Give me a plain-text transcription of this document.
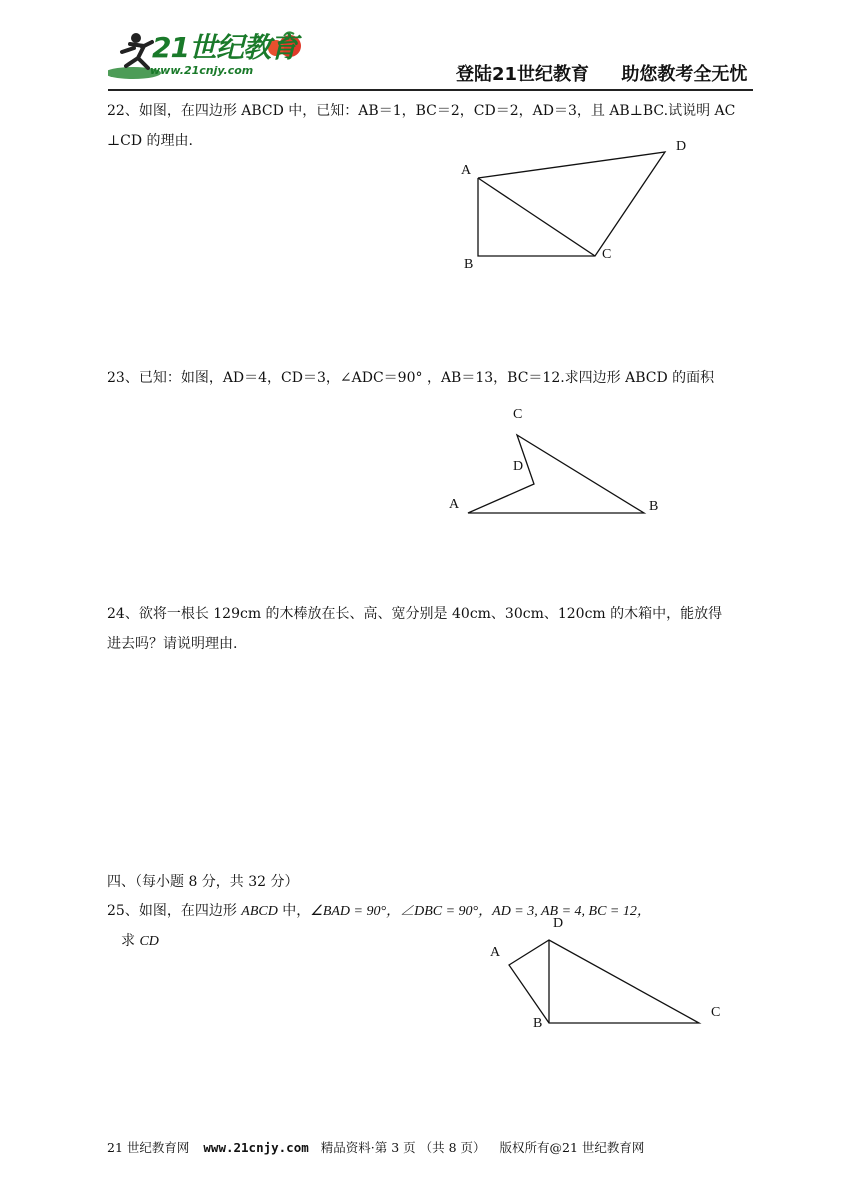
21世纪教育
www.21cnjy.com	登陆21世纪教育 助您教考全无忧
22、如图，在四边形 ABCD 中，已知：AB＝1，BC＝2，CD＝2，AD＝3，且 AB⊥BC.试说明 AC
⊥CD 的理由.
A
B
C
D
23、已知：如图，AD＝4，CD＝3，∠ADC＝90° ，AB＝13，BC＝12.求四边形 ABCD 的面积
C
D
A	B
24、欲将一根长 129cm 的木棒放在长、高、宽分别是 40cm、30cm、120cm 的木箱中，能放得
进去吗？请说明理由.
四、（每小题 8 分，共 32 分）
25、如图，在四边形 ABCD 中，∠BAD = 90°，∠DBC = 90°，AD = 3, AB = 4, BC = 12，
求 CD
D
A
B
C
21 世纪教育网 www.21cnjy.com 精品资料·第 3 页 （共 8 页） 版权所有@21 世纪教育网
